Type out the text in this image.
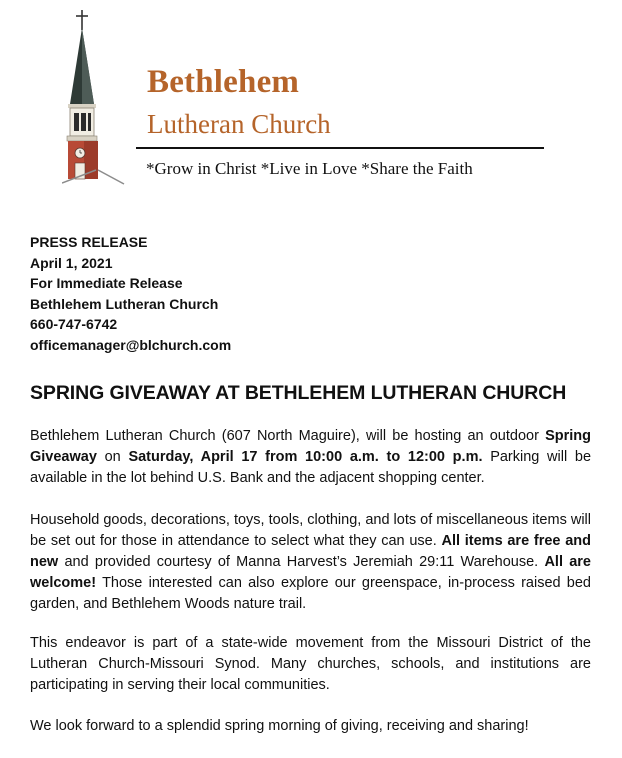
Bethlehem
Lutheran Church
*Grow in Christ *Live in Love *Share the Faith
PRESS RELEASE
April 1, 2021
For Immediate Release
Bethlehem Lutheran Church
660-747-6742
officemanager@blchurch.com
SPRING GIVEAWAY AT BETHLEHEM LUTHERAN CHURCH

Bethlehem Lutheran Church (607 North Maguire), will be hosting an outdoor Spring Giveaway on Saturday, April 17 from 10:00 a.m. to 12:00 p.m. Parking will be available in the lot behind U.S. Bank and the adjacent shopping center.

Household goods, decorations, toys, tools, clothing, and lots of miscellaneous items will be set out for those in attendance to select what they can use. All items are free and new and provided courtesy of Manna Harvest’s Jeremiah 29:11 Warehouse. All are welcome! Those interested can also explore our greenspace, in-process raised bed garden, and Bethlehem Woods nature trail.

This endeavor is part of a state-wide movement from the Missouri District of the Lutheran Church-Missouri Synod. Many churches, schools, and institutions are participating in serving their local communities.

We look forward to a splendid spring morning of giving, receiving and sharing!
